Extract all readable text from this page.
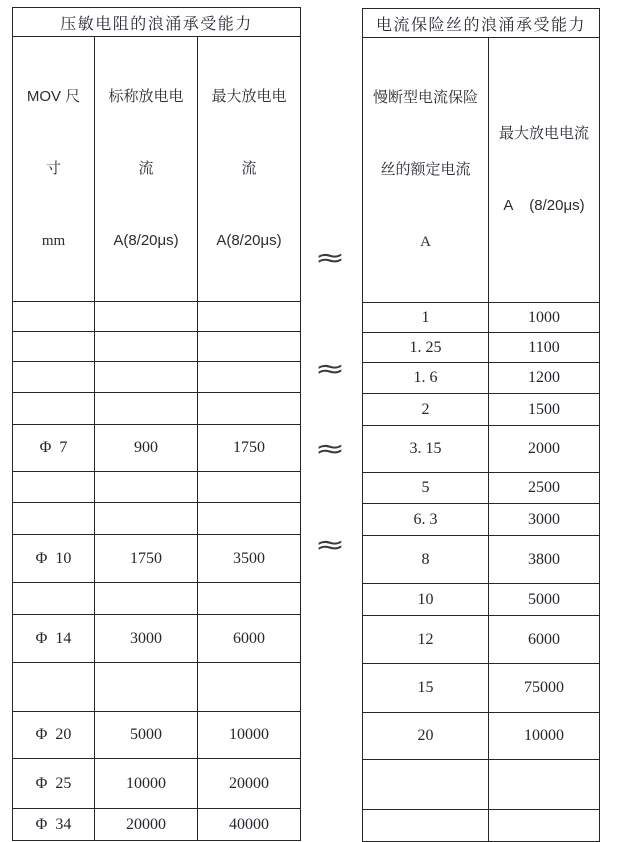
压敏电阻的浪涌承受能力		

MOV 尺

寸

mm

标称放电电

流

A(8/20μs)

最大放电电

流

A(8/20μs)

Φ  7	900	1750

Φ  10	1750	3500

Φ  14	3000	6000

Φ  20	5000	10000
Φ  25	10000	20000
Φ  34	20000	40000
电流保险丝的浪涌承受能力	

慢断型电流保险

丝的额定电流

A

最大放电电流

A    (8/20μs)

1	1000
1. 25	1100
1. 6	1200
2	1500
3. 15	2000
5	2500
6. 3	3000
8	3800
10	5000
12	6000
15	75000
20	10000

≈
≈
≈
≈
